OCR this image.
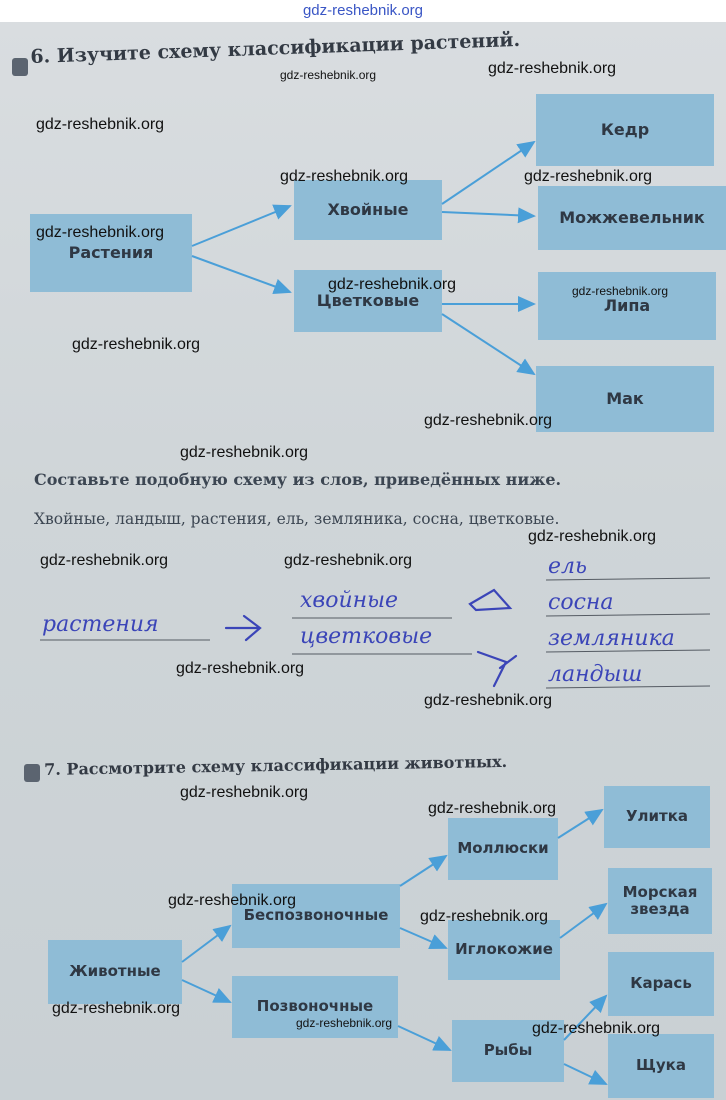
gdz-reshebnik.org
6. Изучите схему классификации растений.
Растения
Хвойные
Цветковые
Кедр
Можжевельник
Липа
Мак
Составьте подобную схему из слов, приведённых ниже.
Хвойные, ландыш, растения, ель, земляника, сосна, цветковые.
растения
хвойные
цветковые
ель
сосна
земляника
ландыш
7. Рассмотрите схему классификации животных.
Животные
Беспозвоночные
Позвоночные
Моллюски
Иглокожие
Рыбы
Улитка
Морская звезда
Карась
Щука
gdz-reshebnik.org	gdz-reshebnik.org
gdz-reshebnik.org
gdz-reshebnik.org	gdz-reshebnik.org
gdz-reshebnik.org
gdz-reshebnik.org	gdz-reshebnik.org
gdz-reshebnik.org
gdz-reshebnik.org
gdz-reshebnik.org
gdz-reshebnik.org
gdz-reshebnik.org	gdz-reshebnik.org
gdz-reshebnik.org
gdz-reshebnik.org
gdz-reshebnik.org
gdz-reshebnik.org
gdz-reshebnik.org
gdz-reshebnik.org
gdz-reshebnik.org
gdz-reshebnik.org	gdz-reshebnik.org
